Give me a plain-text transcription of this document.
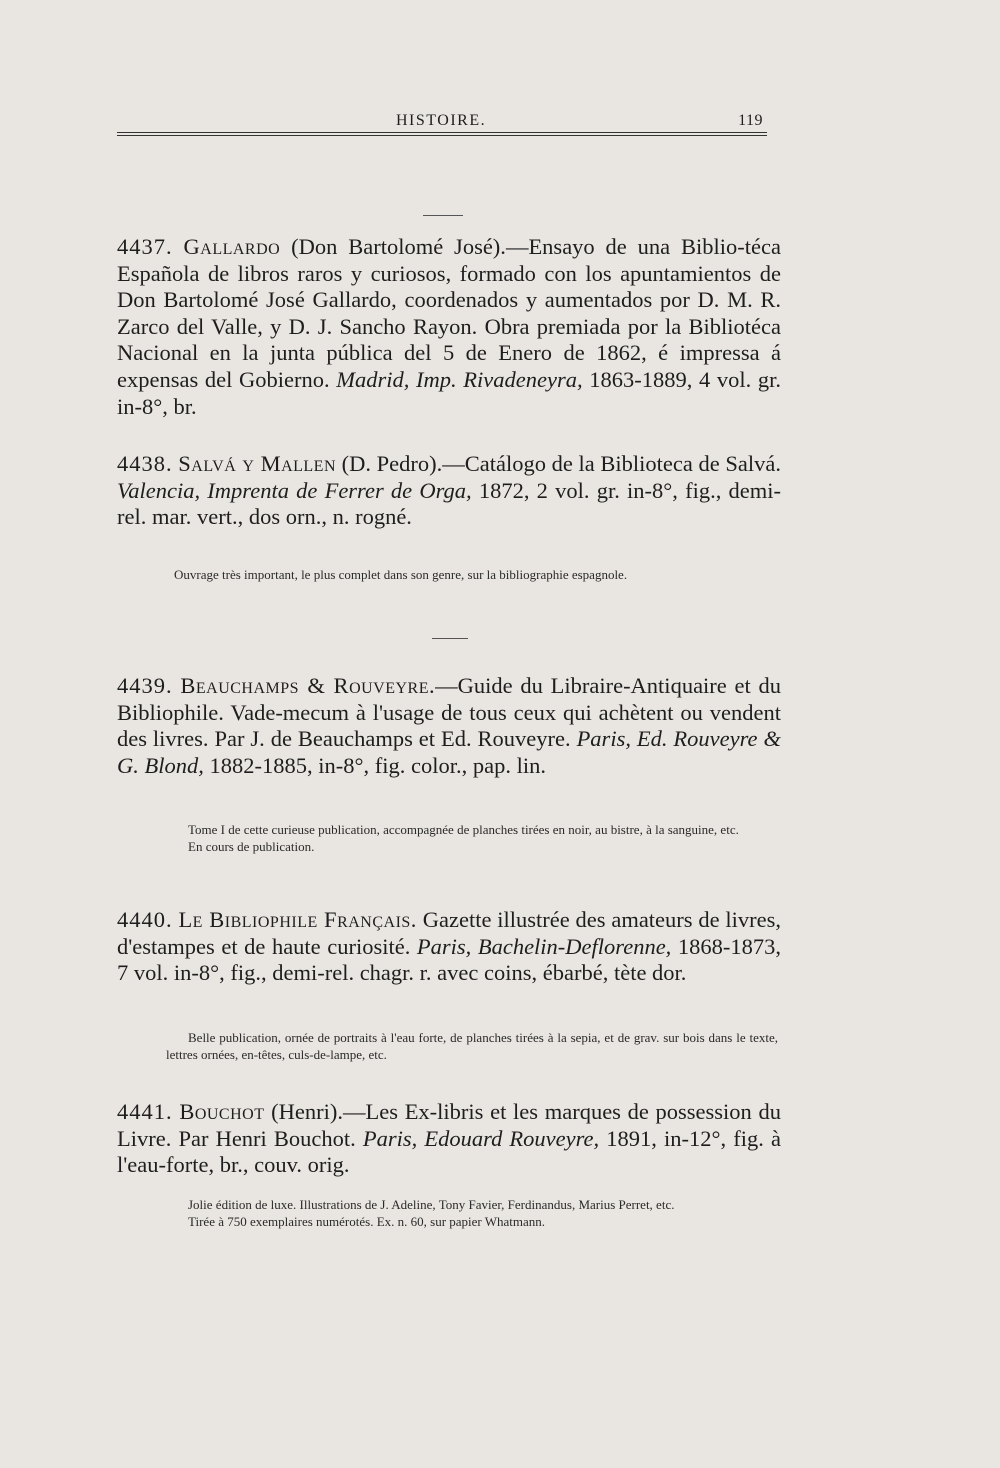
HISTOIRE.	119

4437. Gallardo (Don Bartolomé José).—Ensayo de una Biblio-téca Española de libros raros y curiosos, formado con los apuntamientos de Don Bartolomé José Gallardo, coordenados y aumentados por D. M. R. Zarco del Valle, y D. J. Sancho Rayon. Obra premiada por la Bibliotéca Nacional en la junta pública del 5 de Enero de 1862, é impressa á expensas del Gobierno. Madrid, Imp. Rivadeneyra, 1863-1889, 4 vol. gr. in-8°, br.

4438. Salvá y Mallen (D. Pedro).—Catálogo de la Biblioteca de Salvá. Valencia, Imprenta de Ferrer de Orga, 1872, 2 vol. gr. in-8°, fig., demi-rel. mar. vert., dos orn., n. rogné.

Ouvrage très important, le plus complet dans son genre, sur la bibliographie espagnole.

4439. Beauchamps & Rouveyre.—Guide du Libraire-Antiquaire et du Bibliophile. Vade-mecum à l'usage de tous ceux qui achètent ou vendent des livres. Par J. de Beauchamps et Ed. Rouveyre. Paris, Ed. Rouveyre & G. Blond, 1882-1885, in-8°, fig. color., pap. lin.

Tome I de cette curieuse publication, accompagnée de planches tirées en noir, au bistre, à la sanguine, etc.

En cours de publication.

4440. Le Bibliophile Français. Gazette illustrée des amateurs de livres, d'estampes et de haute curiosité. Paris, Bachelin-Deflorenne, 1868-1873, 7 vol. in-8°, fig., demi-rel. chagr. r. avec coins, ébarbé, tète dor.

Belle publication, ornée de portraits à l'eau forte, de planches tirées à la sepia, et de grav. sur bois dans le texte, lettres ornées, en-têtes, culs-de-lampe, etc.

4441. Bouchot (Henri).—Les Ex-libris et les marques de possession du Livre. Par Henri Bouchot. Paris, Edouard Rouveyre, 1891, in-12°, fig. à l'eau-forte, br., couv. orig.

Jolie édition de luxe. Illustrations de J. Adeline, Tony Favier, Ferdinandus, Marius Perret, etc.

Tirée à 750 exemplaires numérotés. Ex. n. 60, sur papier Whatmann.
